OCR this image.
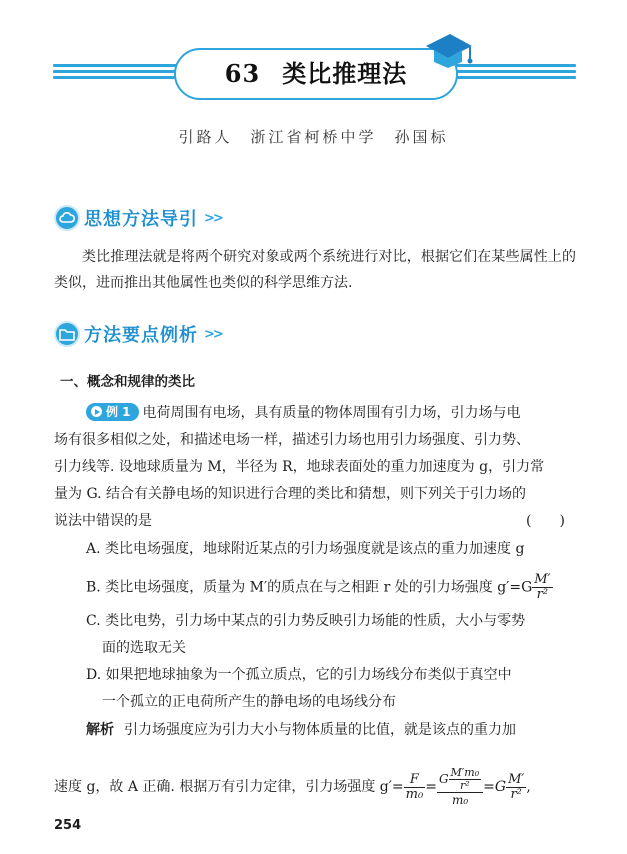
63 类比推理法
引路人　浙江省柯桥中学　孙国标
思想方法导引 >>
类比推理法就是将两个研究对象或两个系统进行对比，根据它们在某些属性上的类似，进而推出其他属性也类似的科学思维方法.
方法要点例析 >>
一、概念和规律的类比
例 1 电荷周围有电场，具有质量的物体周围有引力场，引力场与电
场有很多相似之处，和描述电场一样，描述引力场也用引力场强度、引力势、
引力线等. 设地球质量为 M，半径为 R，地球表面处的重力加速度为 g，引力常
量为 G. 结合有关静电场的知识进行合理的类比和猜想，则下列关于引力场的
说法中错误的是	(　　)
A. 类比电场强度，地球附近某点的引力场强度就是该点的重力加速度 g
B. 类比电场强度，质量为 M′的质点在与之相距 r 处的引力场强度 $g'=G \frac{M'}{\text{r²}}$
C. 类比电势，引力场中某点的引力势反映引力场能的性质，大小与零势
面的选取无关
D. 如果把地球抽象为一个孤立质点，它的引力场线分布类似于真空中
一个孤立的正电荷所产生的静电场的电场线分布
解析 引力场强度应为引力大小与物体质量的比值，就是该点的重力加
速度 g，故 A 正确. 根据万有引力定律，引力场强度 $g'= \frac{F}{\text{m₀}} = \frac{G \frac{\text{M′m₀}}{\text{r²}}}{\text{m₀}} =G \frac{M'}{\text{r²}}$ ,
254
